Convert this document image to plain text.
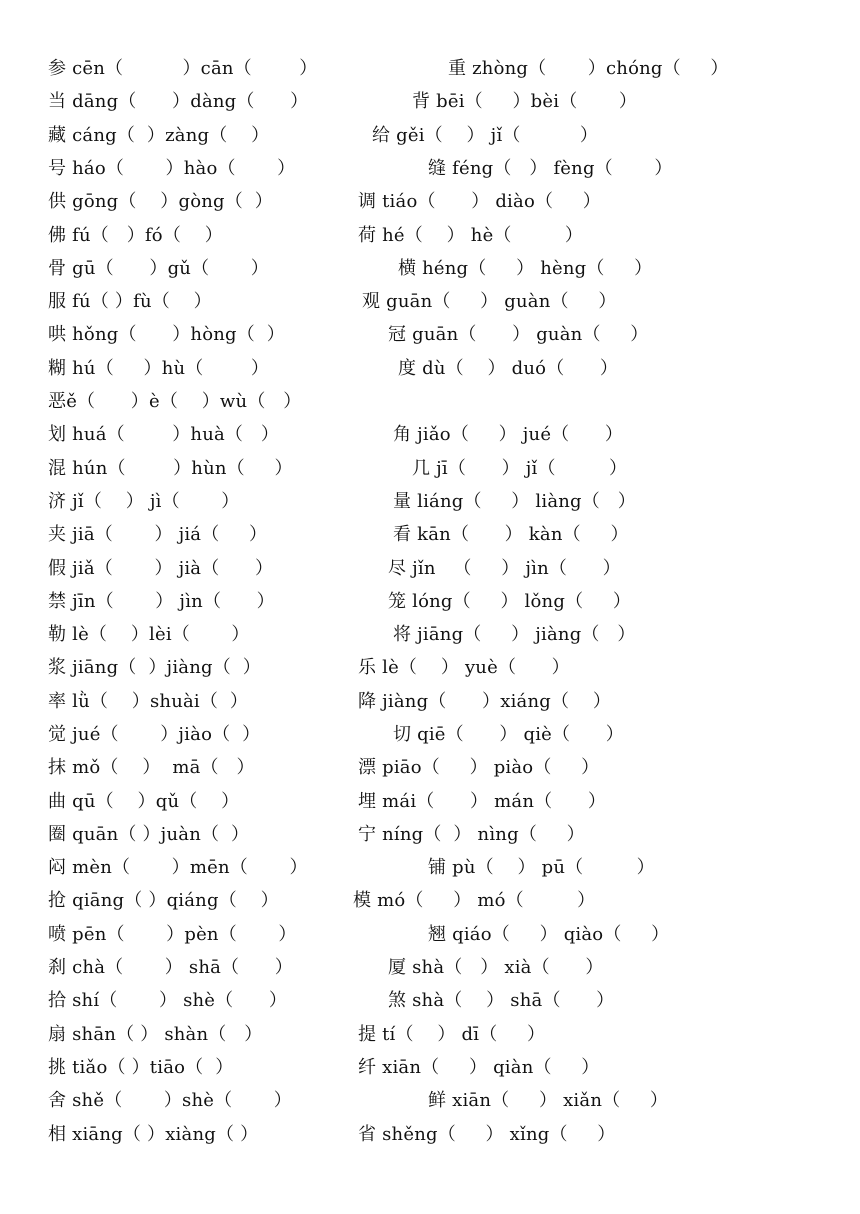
参 cēn（          ）cān（        ）	重 zhòng（       ）chóng（     ）
当 dāng（      ）dàng（      ）	背 bēi（     ）bèi（       ）
藏 cáng（  ）zàng（    ）	给 gěi（    ） jǐ（          ）
号 háo（       ）hào（       ）	缝 féng（   ） fèng（       ）
供 gōng（    ）gòng（  ）	调 tiáo（      ） diào（     ）
佛 fú（   ）fó（    ）	荷 hé（    ） hè（         ）
骨 gū（      ）gǔ（       ）	横 héng（     ） hèng（     ）
服 fú（ ）fù（    ）	观 guān（     ） guàn（     ）
哄 hǒng（      ）hòng（  ）	冠 guān（      ） guàn（     ）
糊 hú（     ）hù（        ）	度 dù（    ） duó（      ）
恶ě（      ）è（    ）wù（   ）
划 huá（        ）huà（   ）	角 jiǎo（     ） jué（      ）
混 hún（        ）hùn（     ）	几 jī（      ） jǐ（         ）
济 jǐ（    ） jì（       ）	量 liáng（     ） liàng（   ）
夹 jiā（       ） jiá（     ）	看 kān（      ） kàn（     ）
假 jiǎ（       ） jià（      ）	尽 jǐn   （     ） jìn（      ）
禁 jīn（       ） jìn（      ）	笼 lóng（     ） lǒng（     ）
勒 lè（    ）lèi（       ）	将 jiāng（     ） jiàng（   ）
浆 jiāng（  ）jiàng（  ）	乐 lè（    ） yuè（      ）
率 lǜ（    ）shuài（  ）	降 jiàng（      ）xiáng（    ）
觉 jué（       ）jiào（  ）	切 qiē（      ） qiè（      ）
抹 mǒ（    ）  mā（   ）	漂 piāo（     ） piào（     ）
曲 qū（    ）qǔ（    ）	埋 mái（      ） mán（      ）
圈 quān（ ）juàn（  ）	宁 níng（  ） nìng（     ）
闷 mèn（       ）mēn（       ）	铺 pù（    ） pū（         ）
抢 qiāng（ ）qiáng（    ）	模 mó（     ） mó（         ）
喷 pēn（       ）pèn（       ）	翘 qiáo（     ） qiào（     ）
刹 chà（       ） shā（      ）	厦 shà（   ） xià（      ）
拾 shí（       ） shè（      ）	煞 shà（    ） shā（      ）
扇 shān（ ） shàn（   ）	提 tí（    ） dī（     ）
挑 tiǎo（ ）tiāo（  ）	纤 xiān（     ） qiàn（     ）
舍 shě（       ）shè（       ）	鲜 xiān（     ） xiǎn（     ）
相 xiāng（ ）xiàng（ ）	省 shěng（     ） xǐng（     ）
